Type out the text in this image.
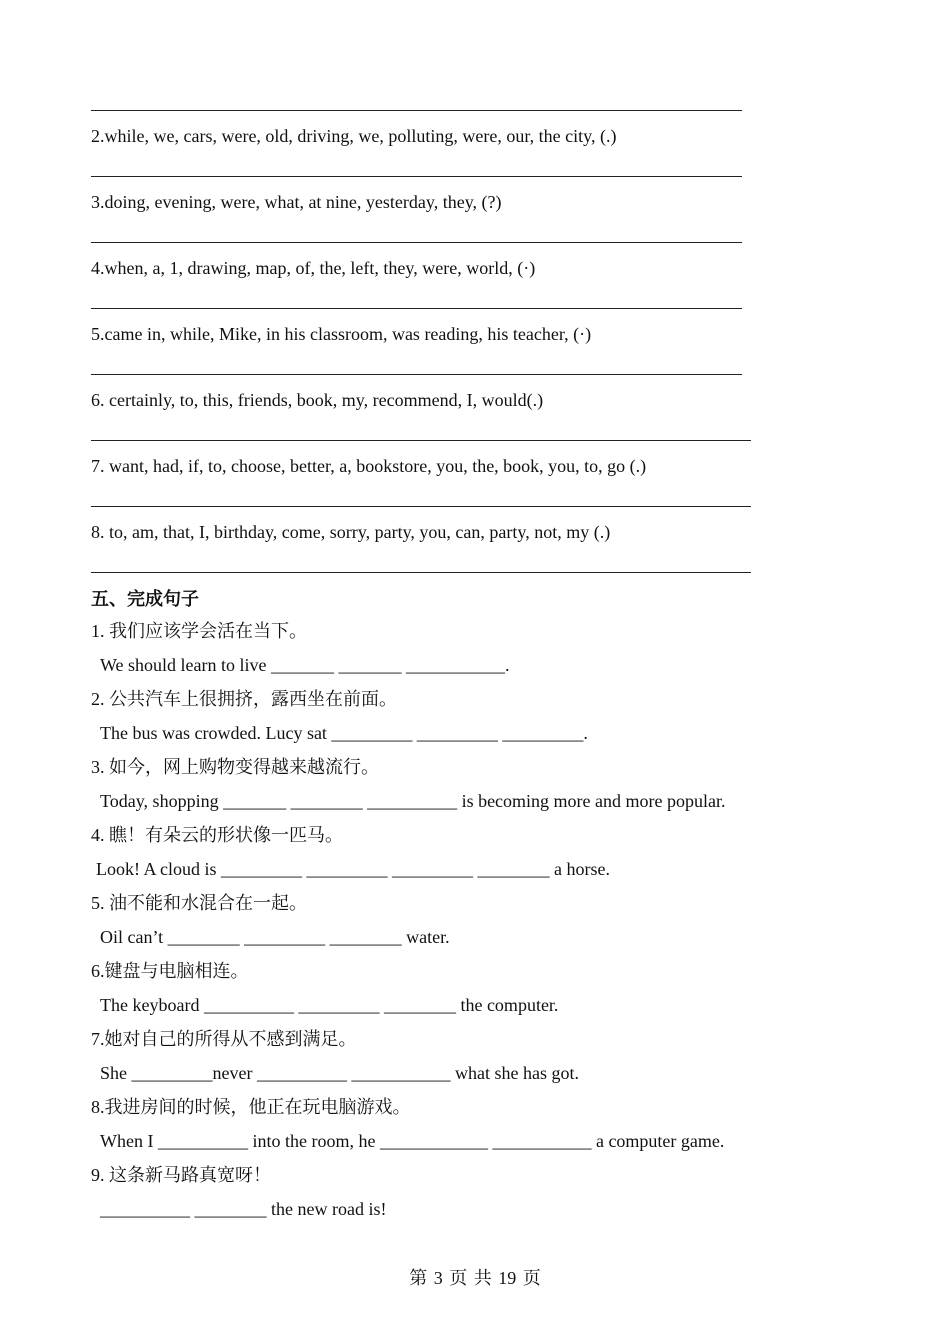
2.while, we, cars, were, old, driving, we, polluting, were, our, the city, (.)
3.doing, evening, were, what, at nine, yesterday, they, (?)
4.when, a, 1, drawing, map, of, the, left, they, were, world, (·)
5.came in, while, Mike, in his classroom, was reading, his teacher, (·)
6. certainly, to, this, friends, book, my, recommend, I, would(.)
7. want, had, if, to, choose, better, a, bookstore, you, the, book, you, to, go (.)
8. to, am, that, I, birthday, come, sorry, party, you, can, party, not, my (.)
五、完成句子
1. 我们应该学会活在当下。
We should learn to live _______ _______ ___________.
2. 公共汽车上很拥挤，露西坐在前面。
The bus was crowded. Lucy sat _________ _________ _________.
3. 如今，网上购物变得越来越流行。
Today, shopping _______ ________ __________ is becoming more and more popular.
4. 瞧！有朵云的形状像一匹马。
Look! A cloud is _________ _________ _________ ________ a horse.
5. 油不能和水混合在一起。
Oil can’t ________ _________ ________ water.
6.键盘与电脑相连。
The keyboard __________ _________ ________ the computer.
7.她对自己的所得从不感到满足。
She _________never __________ ___________ what she has got.
8.我进房间的时候，他正在玩电脑游戏。
When I __________ into the room, he ____________ ___________ a computer game.
9. 这条新马路真宽呀！
__________ ________ the new road is!
第 3 页 共 19 页
